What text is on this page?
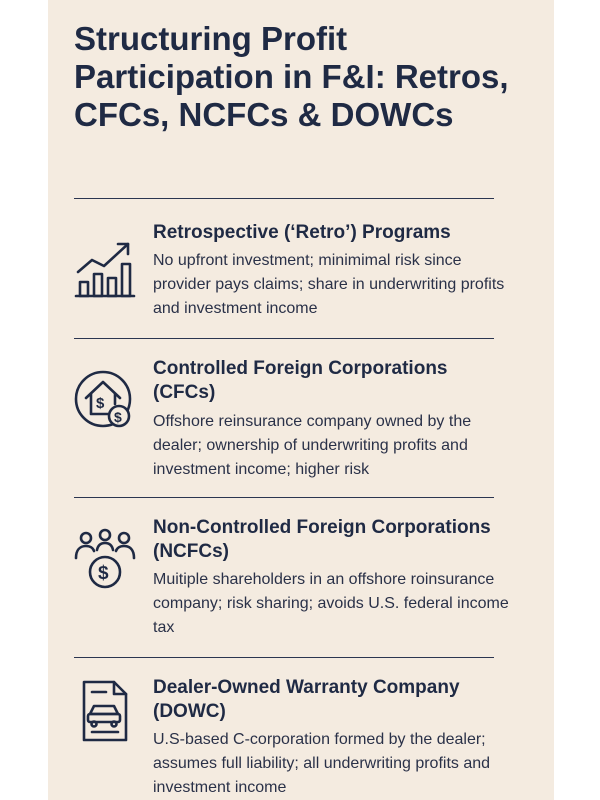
Structuring Profit Participation in F&I: Retros, CFCs, NCFCs & DOWCs
Retrospective (‘Retro’) Programs
No upfront investment; minimimal risk since provider pays claims; share in underwriting profits and investment income
$
$
Controlled Foreign Corporations (CFCs)
Offshore reinsurance company owned by the dealer; ownership of underwriting profits and investment income; higher risk
$
Non-Controlled Foreign Corporations (NCFCs)
Muitiple shareholders in an offshore roinsurance company; risk sharing; avoids U.S. federal income tax
Dealer-Owned Warranty Company (DOWC)
U.S-based C-corporation formed by the dealer; assumes full liability; all underwriting profits and investment income
